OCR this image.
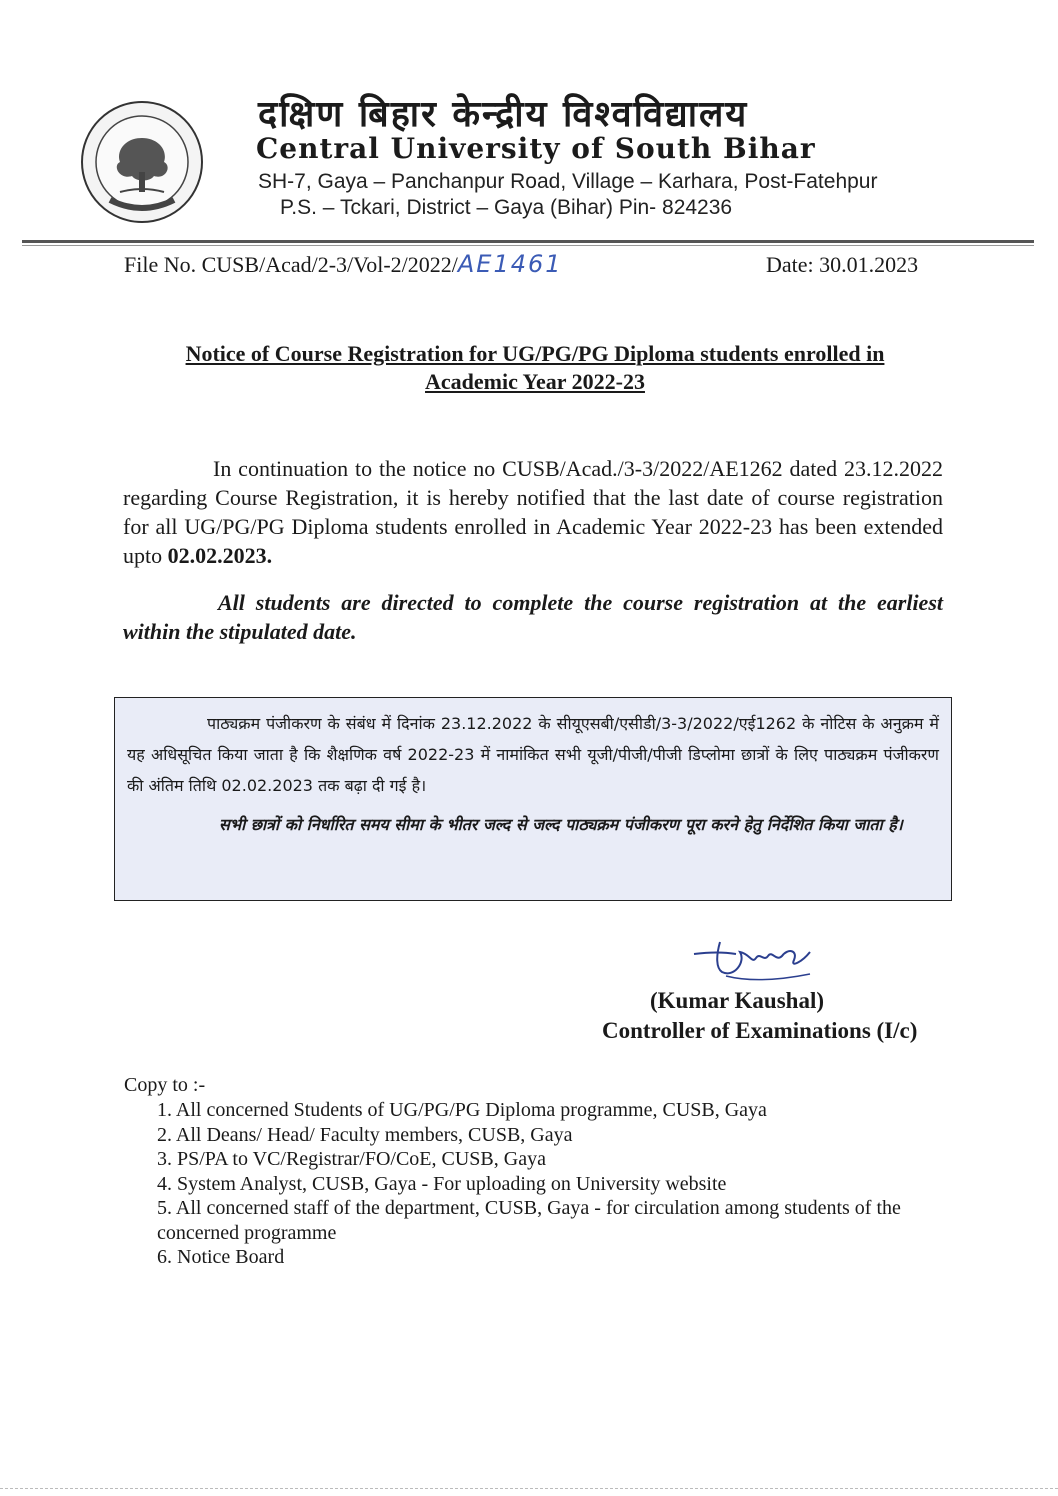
दक्षिण बिहार केन्द्रीय विश्वविद्यालय
Central University of South Bihar
SH-7, Gaya – Panchanpur Road, Village – Karhara, Post-Fatehpur
P.S. – Tckari, District – Gaya (Bihar) Pin- 824236
File No. CUSB/Acad/2-3/Vol-2/2022/AE1461	Date: 30.01.2023
Notice of Course Registration for UG/PG/PG Diploma students enrolled in
Academic Year 2022-23
In continuation to the notice no CUSB/Acad./3-3/2022/AE1262 dated 23.12.2022 regarding Course Registration, it is hereby notified that the last date of course registration for all UG/PG/PG Diploma students enrolled in Academic Year 2022-23 has been extended upto 02.02.2023.
All students are directed to complete the course registration at the earliest within the stipulated date.
पाठ्यक्रम पंजीकरण के संबंध में दिनांक 23.12.2022 के सीयूएसबी/एसीडी/3-3/2022/एई1262 के नोटिस के अनुक्रम में यह अधिसूचित किया जाता है कि शैक्षणिक वर्ष 2022-23 में नामांकित सभी यूजी/पीजी/पीजी डिप्लोमा छात्रों के लिए पाठ्यक्रम पंजीकरण की अंतिम तिथि 02.02.2023 तक बढ़ा दी गई है।
सभी छात्रों को निर्धारित समय सीमा के भीतर जल्द से जल्द पाठ्यक्रम पंजीकरण पूरा करने हेतु निर्देशित किया जाता है।
(Kumar Kaushal)
Controller of Examinations (I/c)
Copy to :-
1. All concerned Students of UG/PG/PG Diploma programme, CUSB, Gaya
2. All Deans/ Head/ Faculty members, CUSB, Gaya
3. PS/PA to VC/Registrar/FO/CoE, CUSB, Gaya
4. System Analyst, CUSB, Gaya - For uploading on University website
5. All concerned staff of the department, CUSB, Gaya - for circulation among students of the concerned programme
6. Notice Board
